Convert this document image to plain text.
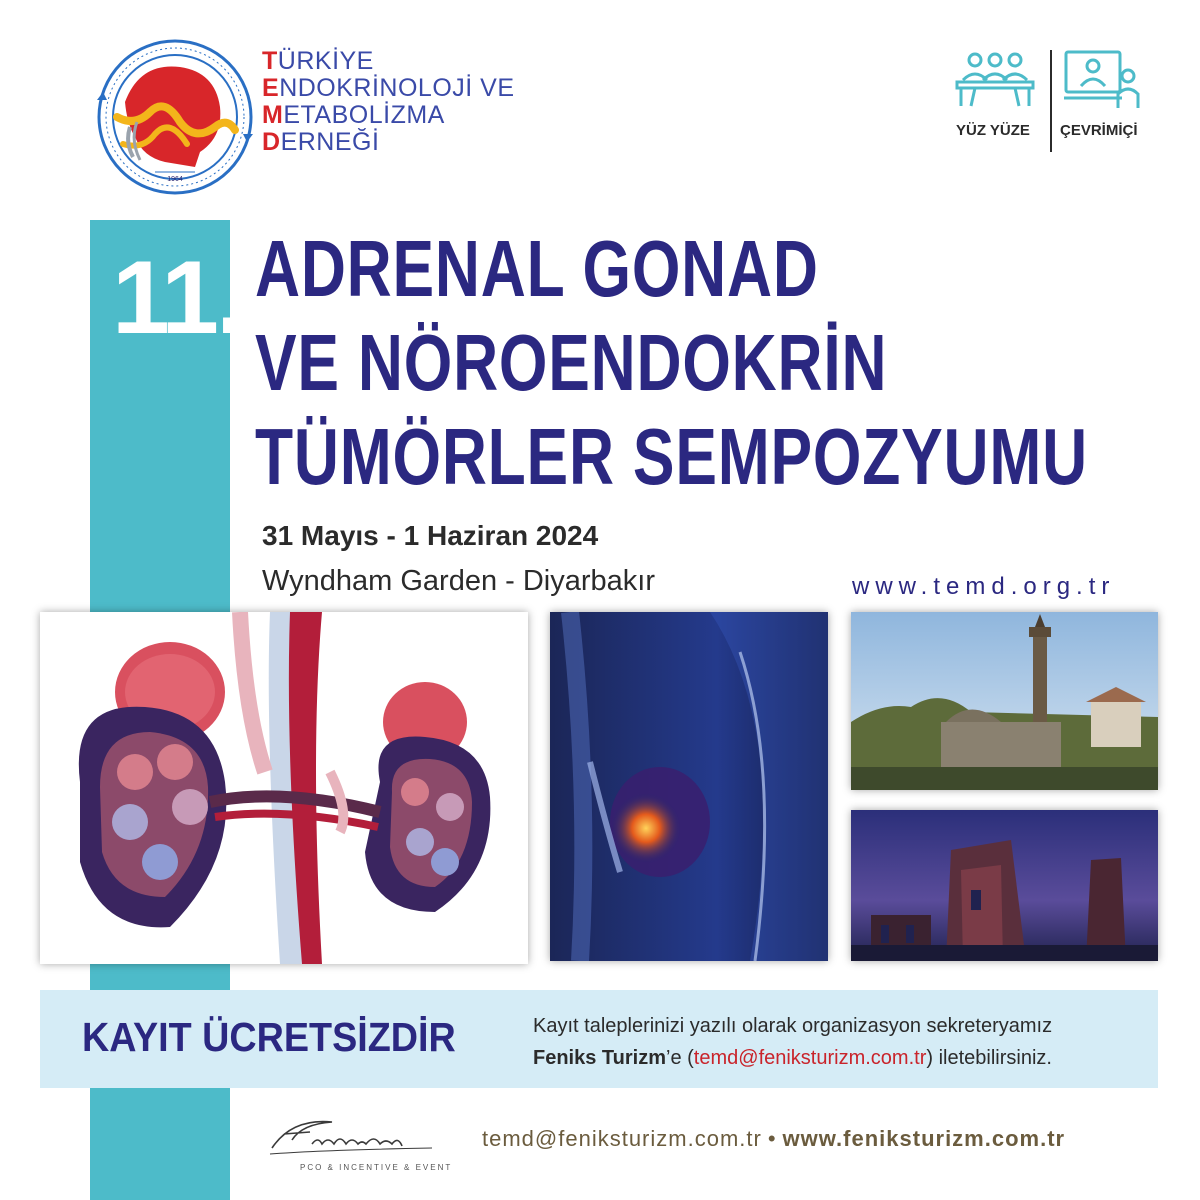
1964
TÜRKİYE
ENDOKRİNOLOJİ VE
METABOLİZMA
DERNEĞİ	YÜZ YÜZE ÇEVRİMİÇİ
11. ADRENAL GONAD
VE NÖROENDOKRİN
TÜMÖRLER SEMPOZYUMU
31 Mayıs - 1 Haziran 2024
Wyndham Garden - Diyarbakır	www.temd.org.tr
KAYIT ÜCRETSİZDİR	Kayıt taleplerinizi yazılı olarak organizasyon sekreteryamız
Feniks Turizm’e (temd@feniksturizm.com.tr) iletebilirsiniz.
PCO & INCENTIVE & EVENT
temd@feniksturizm.com.tr • www.feniksturizm.com.tr
